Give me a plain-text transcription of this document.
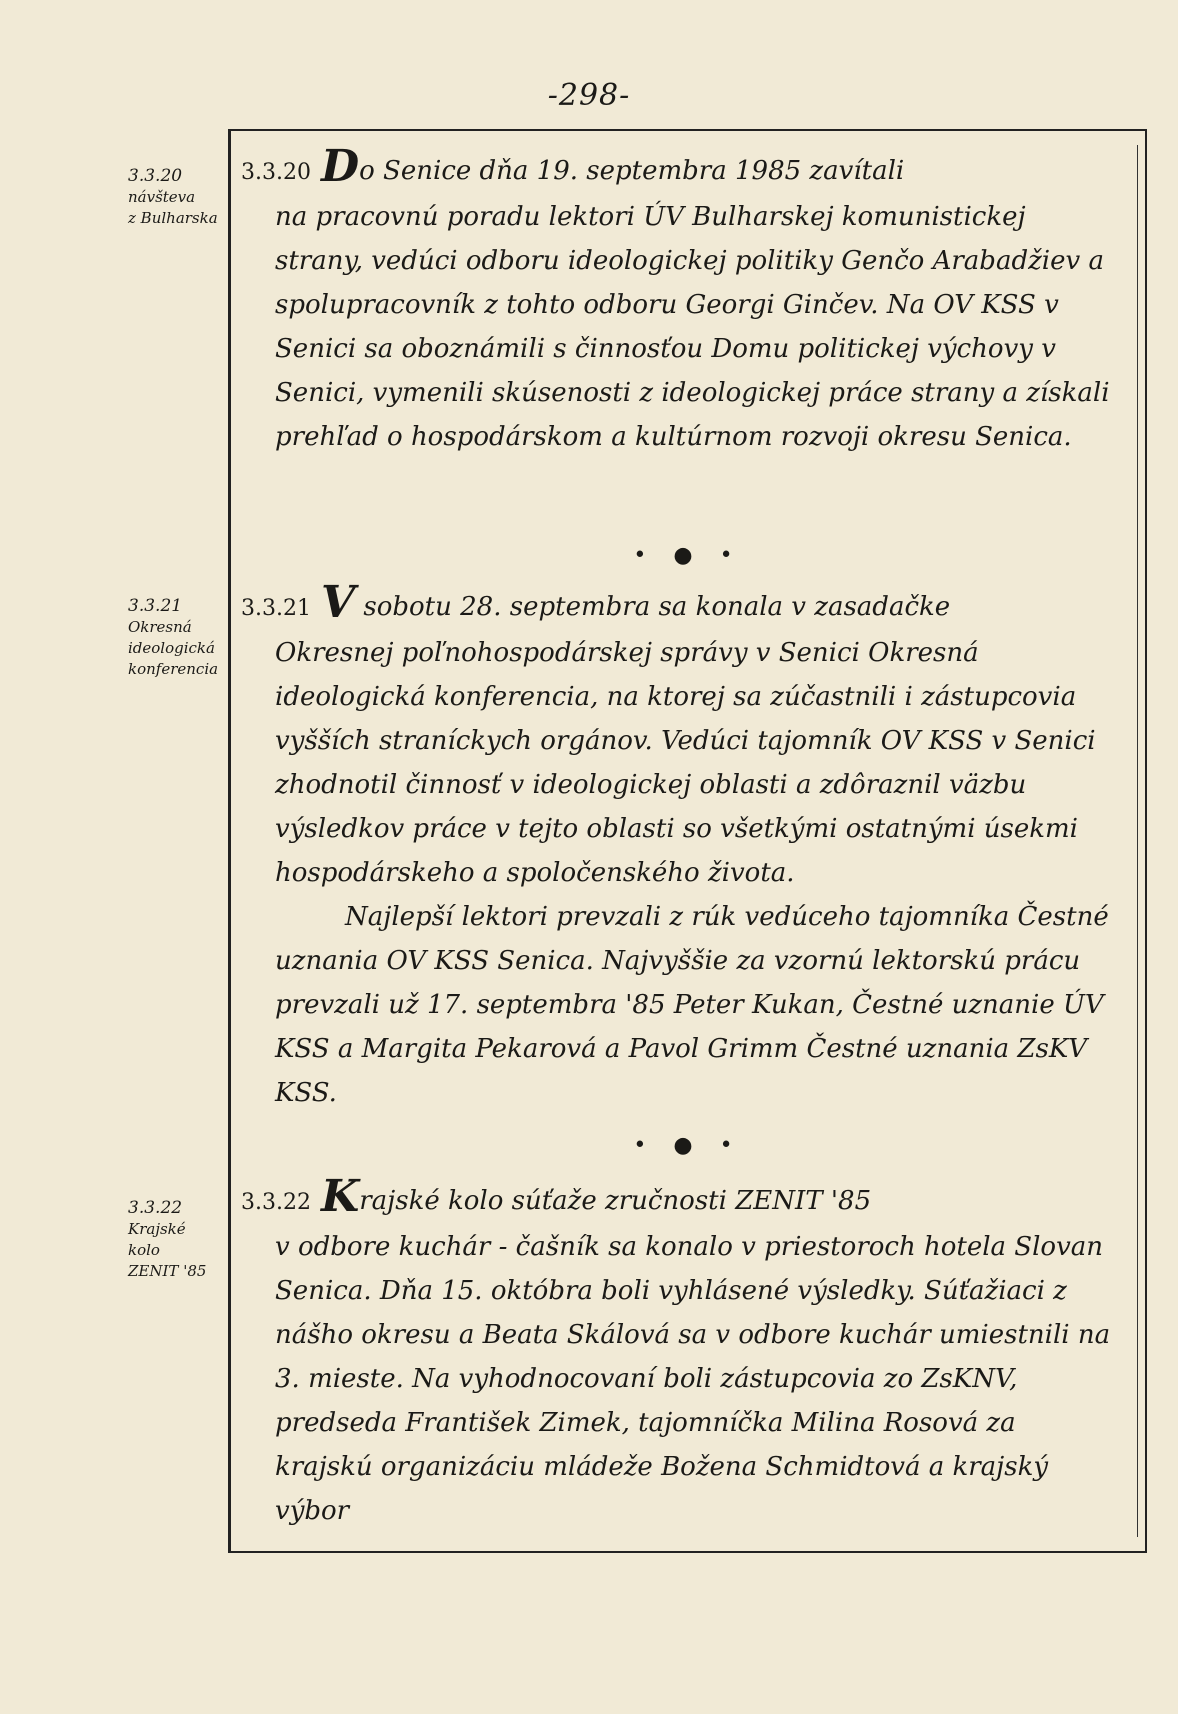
-298-
3.3.20
návšteva
z Bulharska
3.3.21
Okresná
ideologická
konferencia
3.3.22
Krajské
kolo
ZENIT '85
3.3.20 Do Senice dňa 19. septembra 1985 zavítali

na pracovnú poradu lektori ÚV Bulharskej komunistickej strany, vedúci odboru ideologickej politiky Genčo Arabadžiev a spolupracovník z tohto odboru Georgi Ginčev. Na OV KSS v Senici sa oboznámili s činnosťou Domu politickej výchovy v Senici, vymenili skúsenosti z ideologickej práce strany a získali prehľad o hospodárskom a kultúrnom rozvoji okresu Senica.

• ● •
3.3.21 V sobotu 28. septembra sa konala v zasadačke

Okresnej poľnohospodárskej správy v Senici Okresná ideologická konferencia, na ktorej sa zúčastnili i zástupcovia vyšších straníckych orgánov. Vedúci tajomník OV KSS v Senici zhodnotil činnosť v ideologickej oblasti a zdôraznil väzbu výsledkov práce v tejto oblasti so všetkými ostatnými úsekmi hospodárskeho a spoločenského života.

Najlepší lektori prevzali z rúk vedúceho tajomníka Čestné uznania OV KSS Senica. Najvyššie za vzornú lektorskú prácu prevzali už 17. septembra '85 Peter Kukan, Čestné uznanie ÚV KSS a Margita Pekarová a Pavol Grimm Čestné uznania ZsKV KSS.

• ● •
3.3.22 Krajské kolo súťaže zručnosti ZENIT '85

v odbore kuchár - čašník sa konalo v priestoroch hotela Slovan Senica. Dňa 15. októbra boli vyhlásené výsledky. Súťažiaci z nášho okresu a Beata Skálová sa v odbore kuchár umiestnili na 3. mieste. Na vyhodnocovaní boli zástupcovia zo ZsKNV, predseda František Zimek, tajomníčka Milina Rosová za krajskú organizáciu mládeže Božena Schmidtová a krajský výbor
